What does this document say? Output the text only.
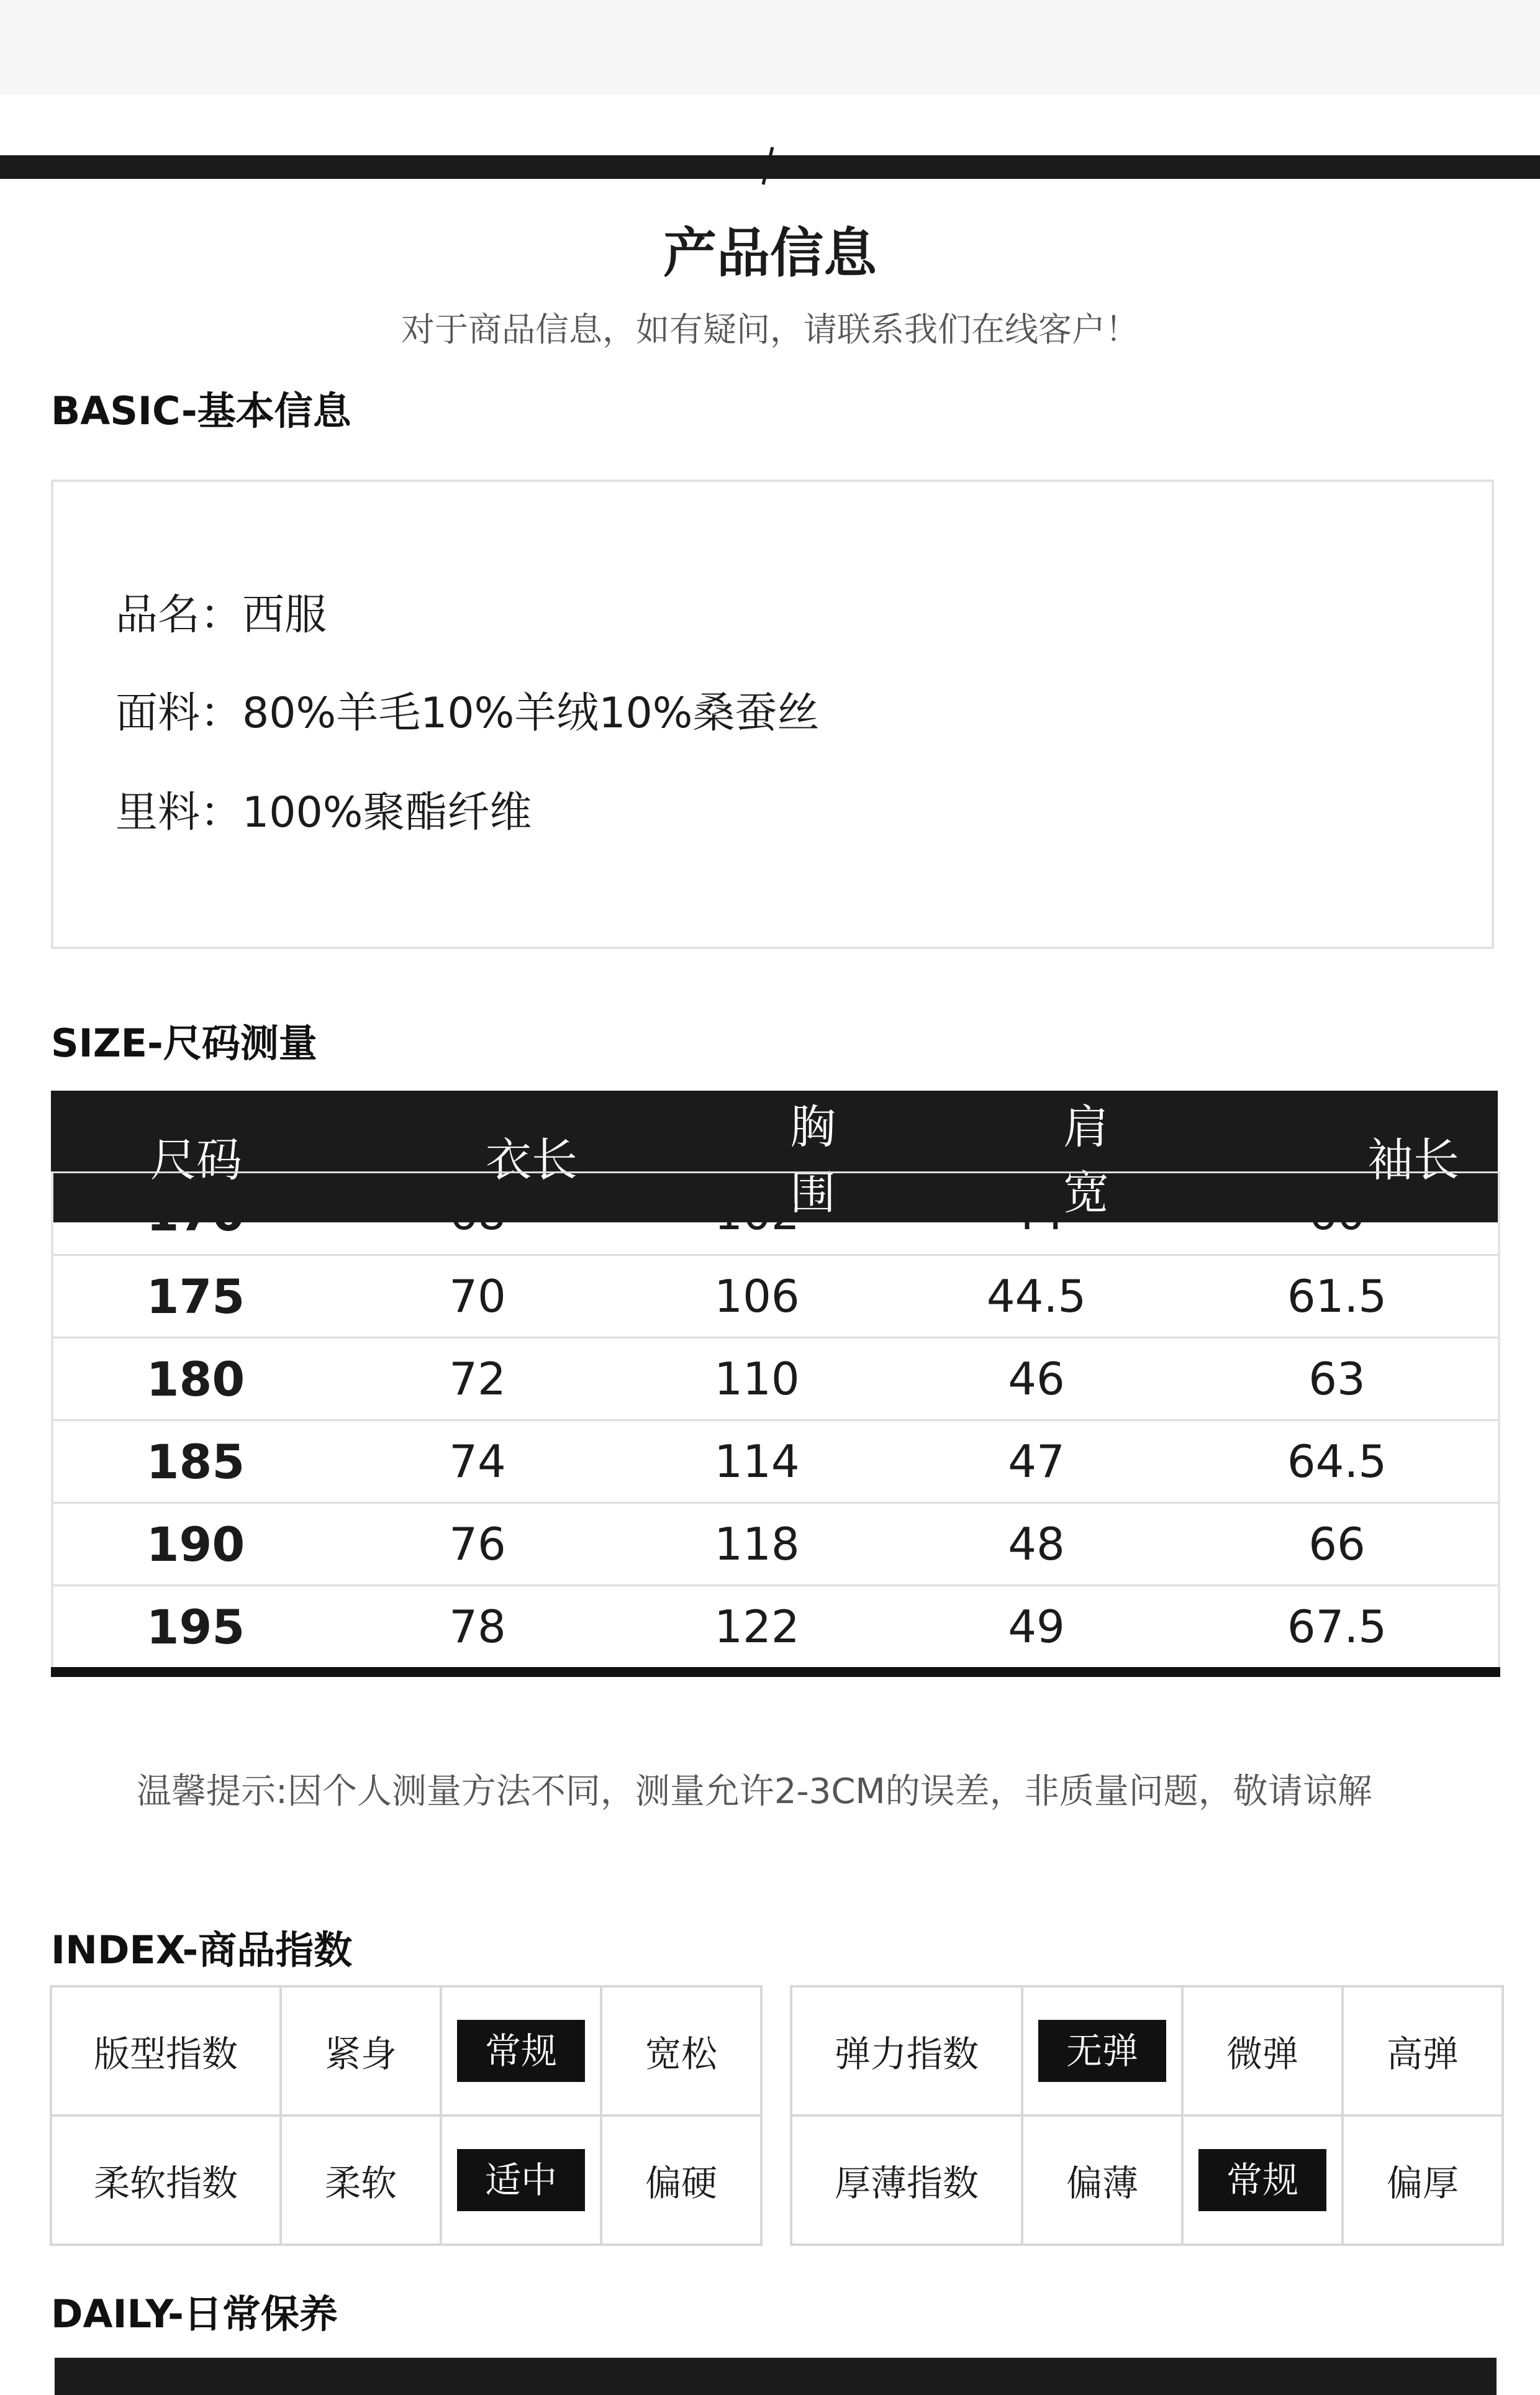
产品信息
对于商品信息，如有疑问，请联系我们在线客户！
BASIC-基本信息
品名：西服
面料：80%羊毛10%羊绒10%桑蚕丝
里料：100%聚酯纤维
SIZE-尺码测量
尺码	衣长	胸围	肩宽	袖长
170	68	102	44	60
175	70	106	44.5	61.5
180	72	110	46	63
185	74	114	47	64.5
190	76	118	48	66
195	78	122	49	67.5
温馨提示:因个人测量方法不同，测量允许2-3CM的误差，非质量问题，敬请谅解
INDEX-商品指数
版型指数	紧身	常规	宽松
柔软指数	柔软	适中	偏硬
弹力指数	无弹	微弹	高弹
厚薄指数	偏薄	常规	偏厚
DAILY-日常保养
